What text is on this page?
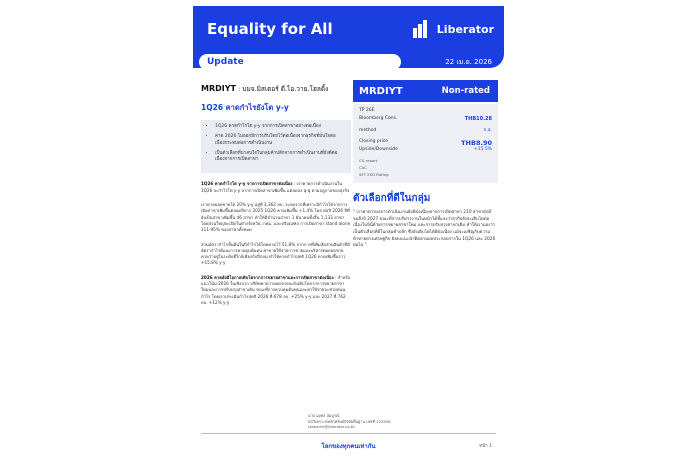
Equality for All	Liberator
Update	22 เม.ย. 2026
MRDIYT : บมจ.มิสเตอร์ ดี.ไอ.วาย.โฮลดิ้ง
1Q26 คาดกำไรยังโต y-y
• 1Q26 คาดกำไรโต y-y จากการเปิดสาขาอย่างต่อเนื่อง
• คาด 2026 ไม่ออกมีการปรับโดยไว้ต่อเนื่องจากธุรกิจที่มั่นใจต่อเนื่องกระทบต่อการดำเนินงาน
• เป็นตัวเลือกที่น่าสนใจในกลุ่มค้าปลีกจากการดำเนินงานที่ยังดีต่อเนื่องจากการเปิดสาขา
1Q26 คาดกำไรโต y-y จากการเปิดสาขาต่อเนื่อง : เราคาดการดำเนินงานใน 1Q26 จะกำไรโต y-y จากการเปิดสาขาเพิ่มขึ้น แต่ลดลง q-q ตามฤดูกาลของธุรกิจ
เราคาดยอดขายโต 20% y-y อยู่ที่ 3,362 ลบ. จะลดจากที่เพราะมีกำไรได้จากการเปิดสาขาเพิ่มขึ้นตลอดปีจาก 2025 1Q26 คาดเพิ่มขึ้น +1.4% โดย ต่อปี 2026 ปีที่ยังเป็นสาขาเพิ่มขึ้น 46 สาขา ทำให้มีจำนวนสาขา 1 มีนาคมทั้งสิ้น 1,133 สาขา โดยส่วนใหญ่จะเปิดในต่างจังหวัด, กทม. และปริมณฑล การเปิดสาขา stand alone 111-95% ของสาขาทั้งหมด
ส่วนอัตรากำไรขั้นต้นในปีกำไรได้โดยคาดไว้ 51.8% จากการที่เพิ่มสัดส่วนสินค้าที่มีอัตรากำไรดีและการควบคุมต้นทุน ค่าขายใช้จ่ายการขายและบริหารต่อยอดขายคาดว่าอยู่ในระดับที่ใกล้เคียงกับปีก่อน ทำให้คาดกำไรสุทธิ 1Q26 คาดเพิ่มขึ้นราว +15.8% y-y
2026 คาดยังมีโอกาสเติบโตจากการขยายสาขาและการเปิดสาขาต่อเนื่อง : สำหรับแนวโน้ม 2026 ในเชิงบวก บริษัทคาดว่ายอดขายจะยังเติบโตจากการขยายสาขาใหม่และการปรับปรุงสาขาเดิม ขณะที่การควบคุมต้นทุนและค่าใช้จ่ายจะช่วยหนุนกำไร โดยเราประเมินกำไรสุทธิ 2026 ที่ 678 ลบ. +25% y-y และ 2027 ที่ 762 ลบ. +12% y-y
MRDIYT	Non-rated
TP 26E
Bloomberg Cons.	THB10.28
method	n.a.
Closing price	THB8.90
Upside/Downside	+15.5%
CG report
CAC
SET ESG Rating
ตัวเลือกที่ดีในกลุ่ม
" เราคาดว่าผลการดำเนินงานยังดีต่อเนื่องจากการเปิดสาขา 210 สาขาต่อปีจนถึงปี 2027 ขณะที่การบริหารงานในหน้าได้ชี้แจงว่าธุรกิจยังจะเติบโตต่อเนื่องในปีนี้ด้วยการขยายสาขาใหม่ และการปรับปรุงสาขาเดิม ทำให้เรามองว่าเป็นตัวเลือกที่ดีในกลุ่มค้าปลีก ซึ่งยังเติบโตได้ดีต่อเนื่อง แม้จะเผชิญกับความท้าทายทางเศรษฐกิจ ยังคงแนะนำติดตามผลประกอบการใน 1Q26 และ 2026 ต่อไป "
นาย มงคล สมบูรณ์
นักวิเคราะห์หลักทรัพย์ปัจจัยพื้นฐาน เลขที่ 123456
research@liberator.co.th
โลกของทุกคนเท่ากัน	หน้า 1
